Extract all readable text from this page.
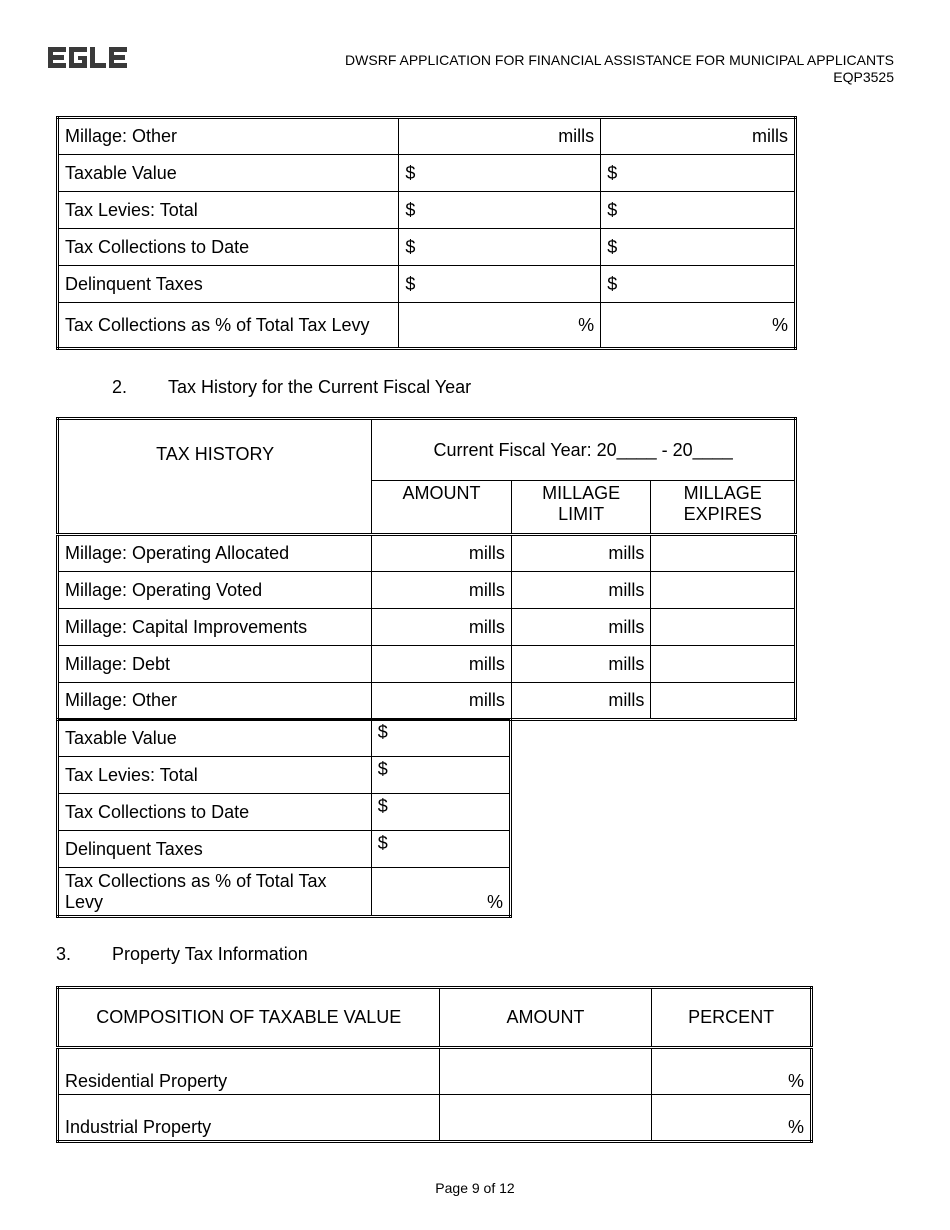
DWSRF APPLICATION FOR FINANCIAL ASSISTANCE FOR MUNICIPAL APPLICANTS
EQP3525
Millage: Other	mills	mills
Taxable Value	$	$
Tax Levies: Total	$	$
Tax Collections to Date	$	$
Delinquent Taxes	$	$
Tax Collections as % of Total Tax Levy	%	%
2. Tax History for the Current Fiscal Year
TAX HISTORY	Current Fiscal Year: 20____ - 20____		
	AMOUNT	MILLAGE LIMIT	MILLAGE EXPIRES
Millage: Operating Allocated	mills	mills	
Millage: Operating Voted	mills	mills	
Millage: Capital Improvements	mills	mills	
Millage: Debt	mills	mills	
Millage: Other	mills	mills	
Taxable Value	$
Tax Levies: Total	$
Tax Collections to Date	$
Delinquent Taxes	$
Tax Collections as % of Total Tax Levy	%
3. Property Tax Information
COMPOSITION OF TAXABLE VALUE	AMOUNT	PERCENT
Residential Property		%
Industrial Property		%
Page 9 of 12
